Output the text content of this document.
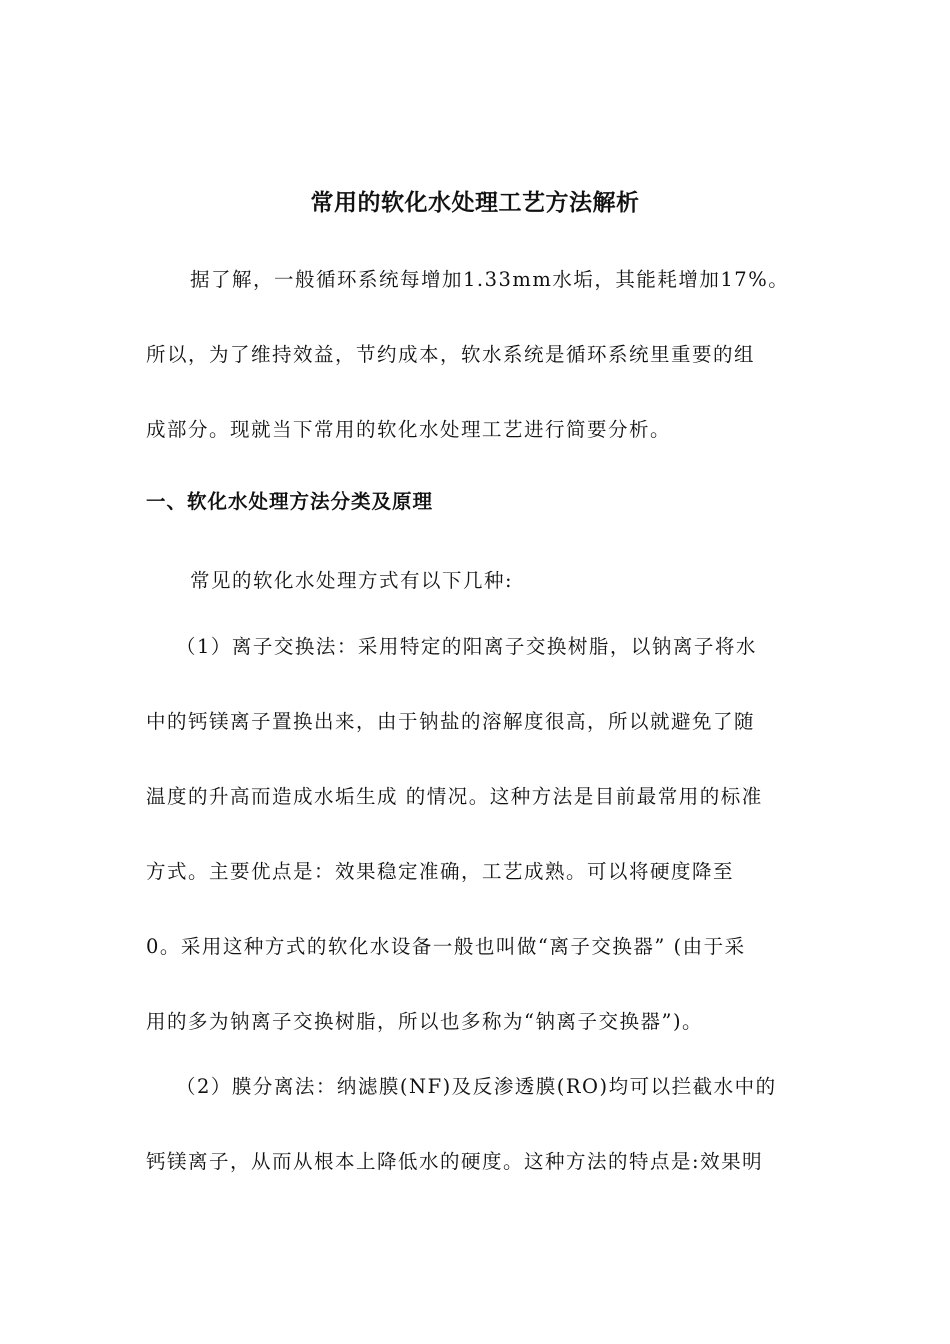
常用的软化水处理工艺方法解析

据了解，一般循环系统每增加1.33mm水垢，其能耗增加17%。

所以，为了维持效益，节约成本，软水系统是循环系统里重要的组

成部分。现就当下常用的软化水处理工艺进行简要分析。

一、软化水处理方法分类及原理

常见的软化水处理方式有以下几种:

（1）离子交换法：采用特定的阳离子交换树脂，以钠离子将水

中的钙镁离子置换出来，由于钠盐的溶解度很高，所以就避免了随

温度的升高而造成水垢生成 的情况。这种方法是目前最常用的标准

方式。主要优点是：效果稳定准确，工艺成熟。可以将硬度降至

0。采用这种方式的软化水设备一般也叫做“离子交换器” (由于采

用的多为钠离子交换树脂，所以也多称为“钠离子交换器”)。

（2）膜分离法：纳滤膜(NF)及反渗透膜(RO)均可以拦截水中的

钙镁离子，从而从根本上降低水的硬度。这种方法的特点是:效果明
